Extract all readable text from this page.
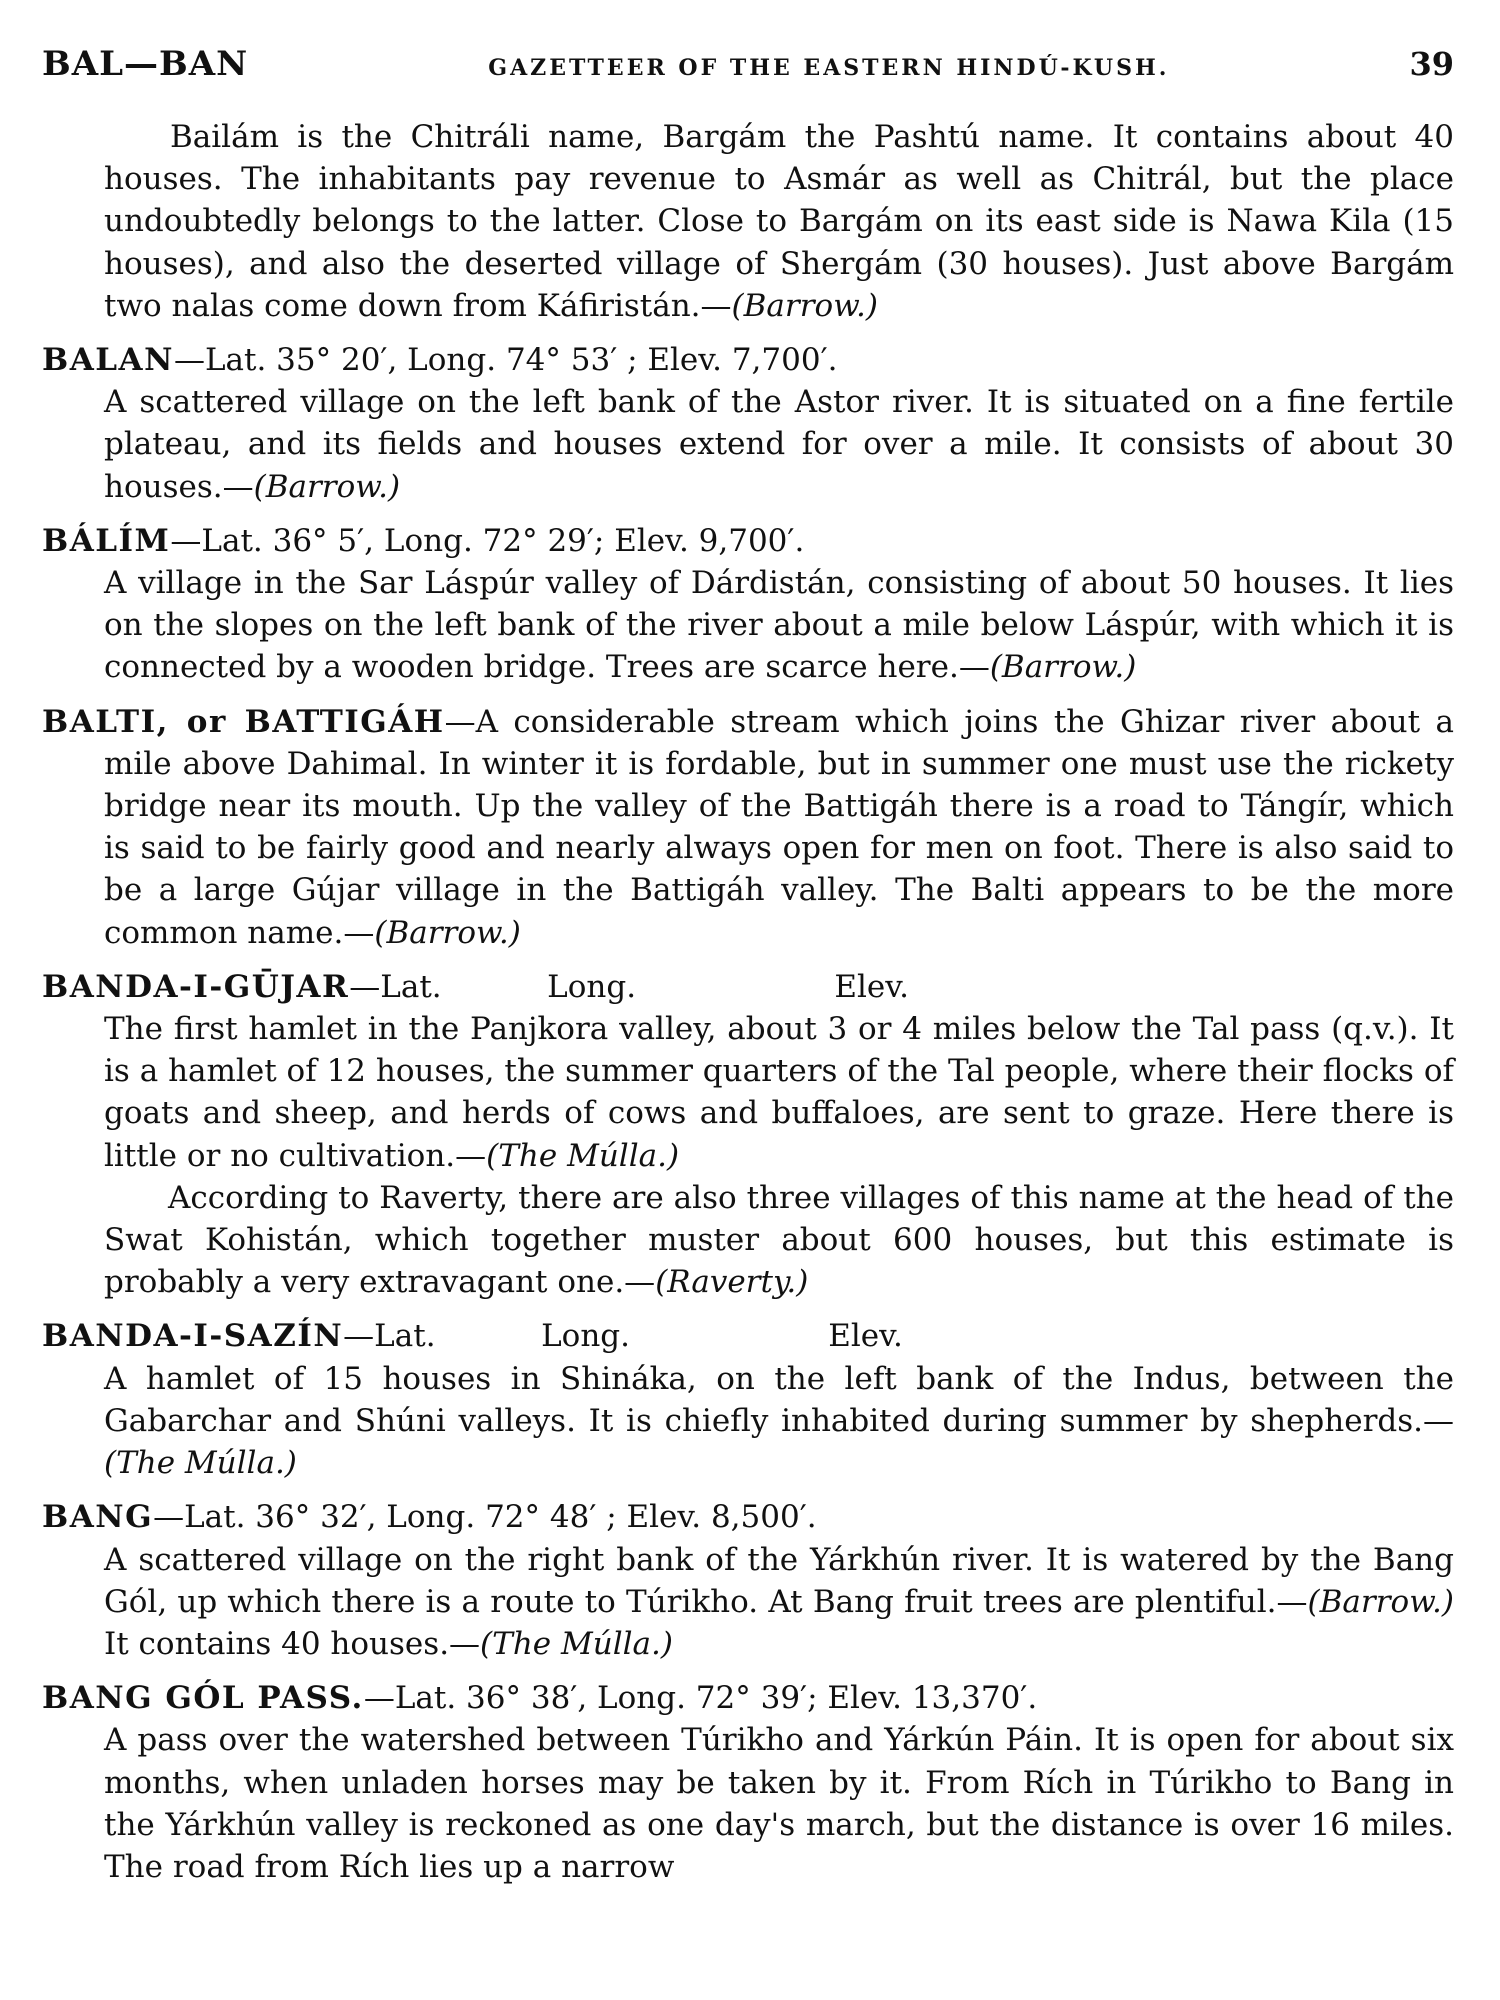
BAL—BAN	GAZETTEER OF THE EASTERN HINDÚ-KUSH.	39
Bailám is the Chitráli name, Bargám the Pashtú name. It contains about 40 houses. The inhabitants pay revenue to Asmár as well as Chitrál, but the place undoubtedly belongs to the latter. Close to Bargám on its east side is Nawa Kila (15 houses), and also the deserted village of Shergám (30 houses). Just above Bargám two nalas come down from Káfiristán.—(Barrow.)
BALAN—Lat. 35° 20′, Long. 74° 53′ ; Elev. 7,700′.
A scattered village on the left bank of the Astor river. It is situated on a fine fertile plateau, and its fields and houses extend for over a mile. It consists of about 30 houses.—(Barrow.)
BÁLÍM—Lat. 36° 5′, Long. 72° 29′; Elev. 9,700′.
A village in the Sar Láspúr valley of Dárdistán, consisting of about 50 houses. It lies on the slopes on the left bank of the river about a mile below Láspúr, with which it is connected by a wooden bridge. Trees are scarce here.—(Barrow.)
BALTI, or BATTIGÁH—A considerable stream which joins the Ghizar river about a mile above Dahimal. In winter it is fordable, but in summer one must use the rickety bridge near its mouth. Up the valley of the Battigáh there is a road to Tángír, which is said to be fairly good and nearly always open for men on foot. There is also said to be a large Gújar village in the Battigáh valley. The Balti appears to be the more common name.—(Barrow.)
BANDA-I-GŪJAR—Lat.	Long.	Elev.
The first hamlet in the Panjkora valley, about 3 or 4 miles below the Tal pass (q.v.). It is a hamlet of 12 houses, the summer quarters of the Tal people, where their flocks of goats and sheep, and herds of cows and buffaloes, are sent to graze. Here there is little or no cultivation.—(The Múlla.)
According to Raverty, there are also three villages of this name at the head of the Swat Kohistán, which together muster about 600 houses, but this estimate is probably a very extravagant one.—(Raverty.)
BANDA-I-SAZÍN—Lat.	Long.	Elev.
A hamlet of 15 houses in Shináka, on the left bank of the Indus, between the Gabarchar and Shúni valleys. It is chiefly inhabited during summer by shepherds.—(The Múlla.)
BANG—Lat. 36° 32′, Long. 72° 48′ ; Elev. 8,500′.
A scattered village on the right bank of the Yárkhún river. It is watered by the Bang Gól, up which there is a route to Túrikho. At Bang fruit trees are plentiful.—(Barrow.) It contains 40 houses.—(The Múlla.)
BANG GÓL PASS.—Lat. 36° 38′, Long. 72° 39′; Elev. 13,370′.
A pass over the watershed between Túrikho and Yárkún Páin. It is open for about six months, when unladen horses may be taken by it. From Rích in Túrikho to Bang in the Yárkhún valley is reckoned as one day's march, but the distance is over 16 miles. The road from Rích lies up a narrow
